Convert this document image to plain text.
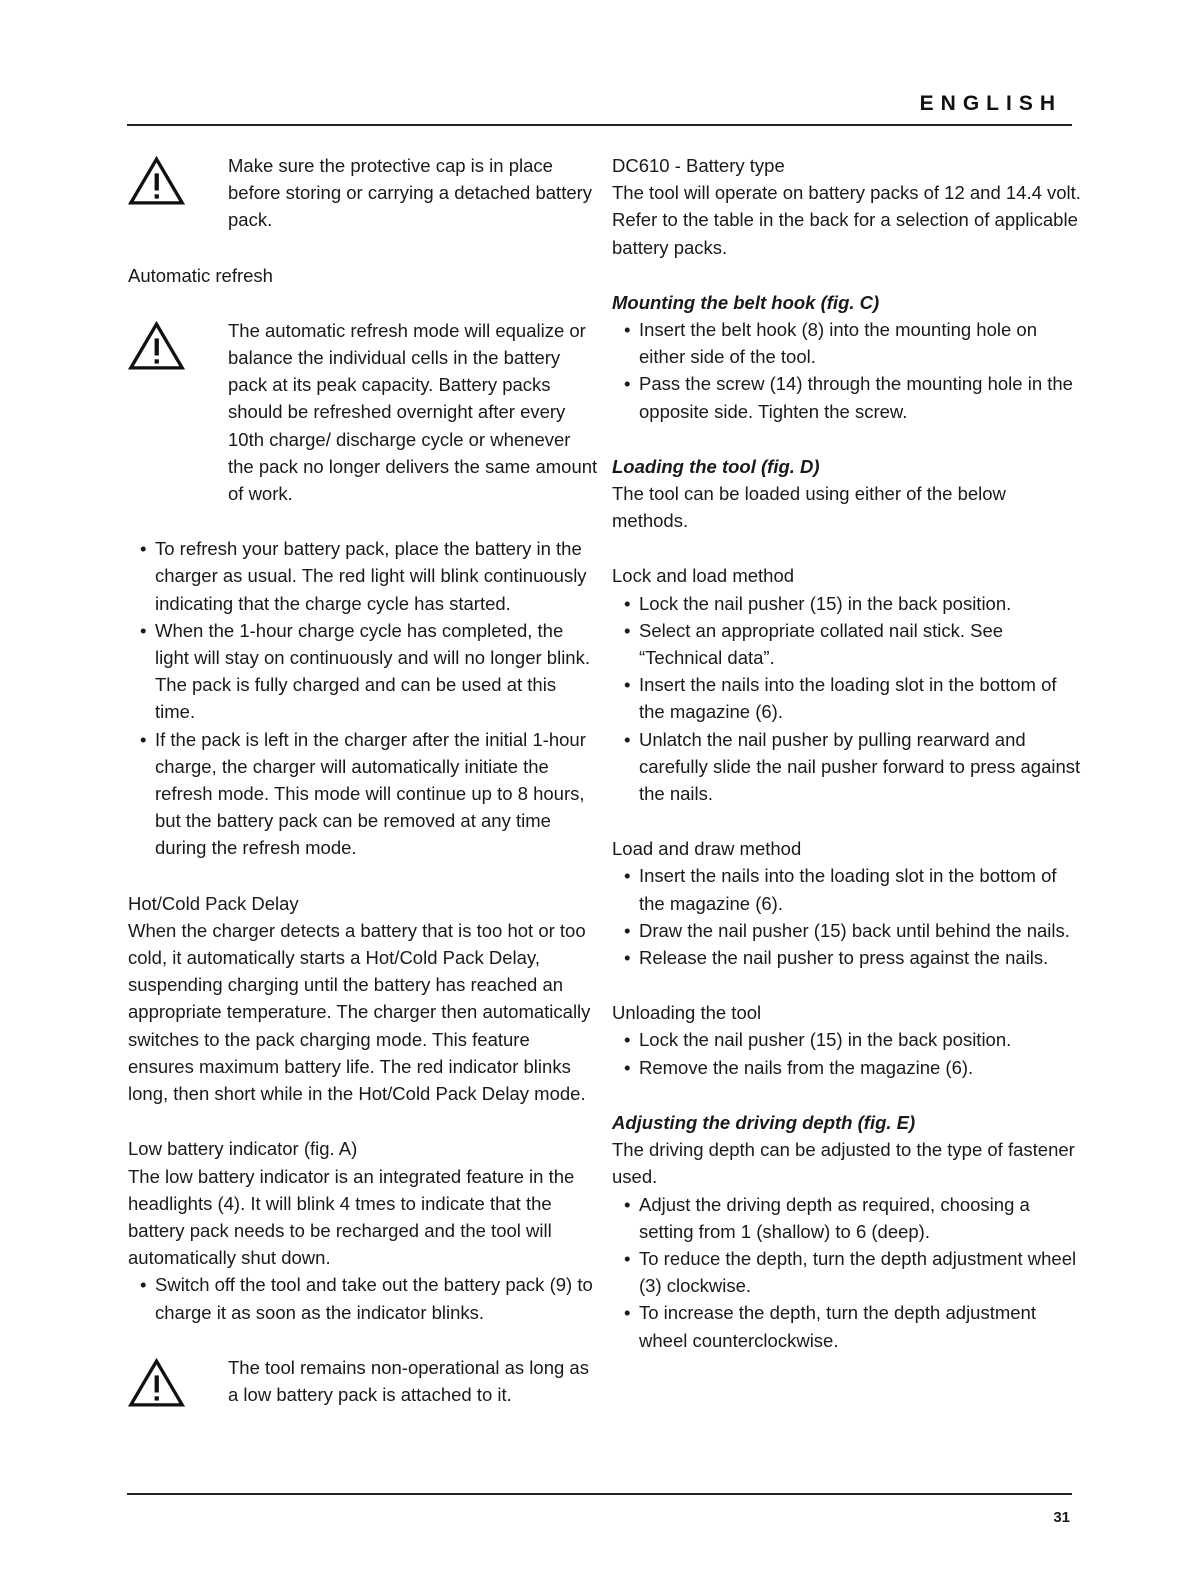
ENGLISH

Make sure the protective cap is in place before storing or carrying a detached battery pack.

Automatic refresh

The automatic refresh mode will equalize or balance the individual cells in the battery pack at its peak capacity. Battery packs should be refreshed overnight after every 10th charge/ discharge cycle or whenever the pack no longer delivers the same amount of work.

• To refresh your battery pack, place the battery in the charger as usual. The red light will blink continuously indicating that the charge cycle has started.
• When the 1-hour charge cycle has completed, the light will stay on continuously and will no longer blink. The pack is fully charged and can be used at this time.
• If the pack is left in the charger after the initial 1-hour charge, the charger will automatically initiate the refresh mode. This mode will continue up to 8 hours, but the battery pack can be removed at any time during the refresh mode.

Hot/Cold Pack Delay

When the charger detects a battery that is too hot or too cold, it automatically starts a Hot/Cold Pack Delay, suspending charging until the battery has reached an appropriate temperature. The charger then automatically switches to the pack charging mode. This feature ensures maximum battery life. The red indicator blinks long, then short while in the Hot/Cold Pack Delay mode.

Low battery indicator (fig. A)

The low battery indicator is an integrated feature in the headlights (4). It will blink 4 tmes to indicate that the battery pack needs to be recharged and the tool will automatically shut down.

• Switch off the tool and take out the battery pack (9) to charge it as soon as the indicator blinks.

The tool remains non-operational as long as a low battery pack is attached to it.

DC610 - Battery type

The tool will operate on battery packs of 12 and 14.4 volt. Refer to the table in the back for a selection of applicable battery packs.

Mounting the belt hook (fig. C)

• Insert the belt hook (8) into the mounting hole on either side of the tool.
• Pass the screw (14) through the mounting hole in the opposite side. Tighten the screw.

Loading the tool (fig. D)

The tool can be loaded using either of the below methods.

Lock and load method

• Lock the nail pusher (15) in the back position.
• Select an appropriate collated nail stick. See “Technical data”.
• Insert the nails into the loading slot in the bottom of the magazine (6).
• Unlatch the nail pusher by pulling rearward and carefully slide the nail pusher forward to press against the nails.

Load and draw method

• Insert the nails into the loading slot in the bottom of the magazine (6).
• Draw the nail pusher (15) back until behind the nails.
• Release the nail pusher to press against the nails.

Unloading the tool

• Lock the nail pusher (15) in the back position.
• Remove the nails from the magazine (6).

Adjusting the driving depth (fig. E)

The driving depth can be adjusted to the type of fastener used.

• Adjust the driving depth as required, choosing a setting from 1 (shallow) to 6 (deep).
• To reduce the depth, turn the depth adjustment wheel (3) clockwise.
• To increase the depth, turn the depth adjustment wheel counterclockwise.
31
